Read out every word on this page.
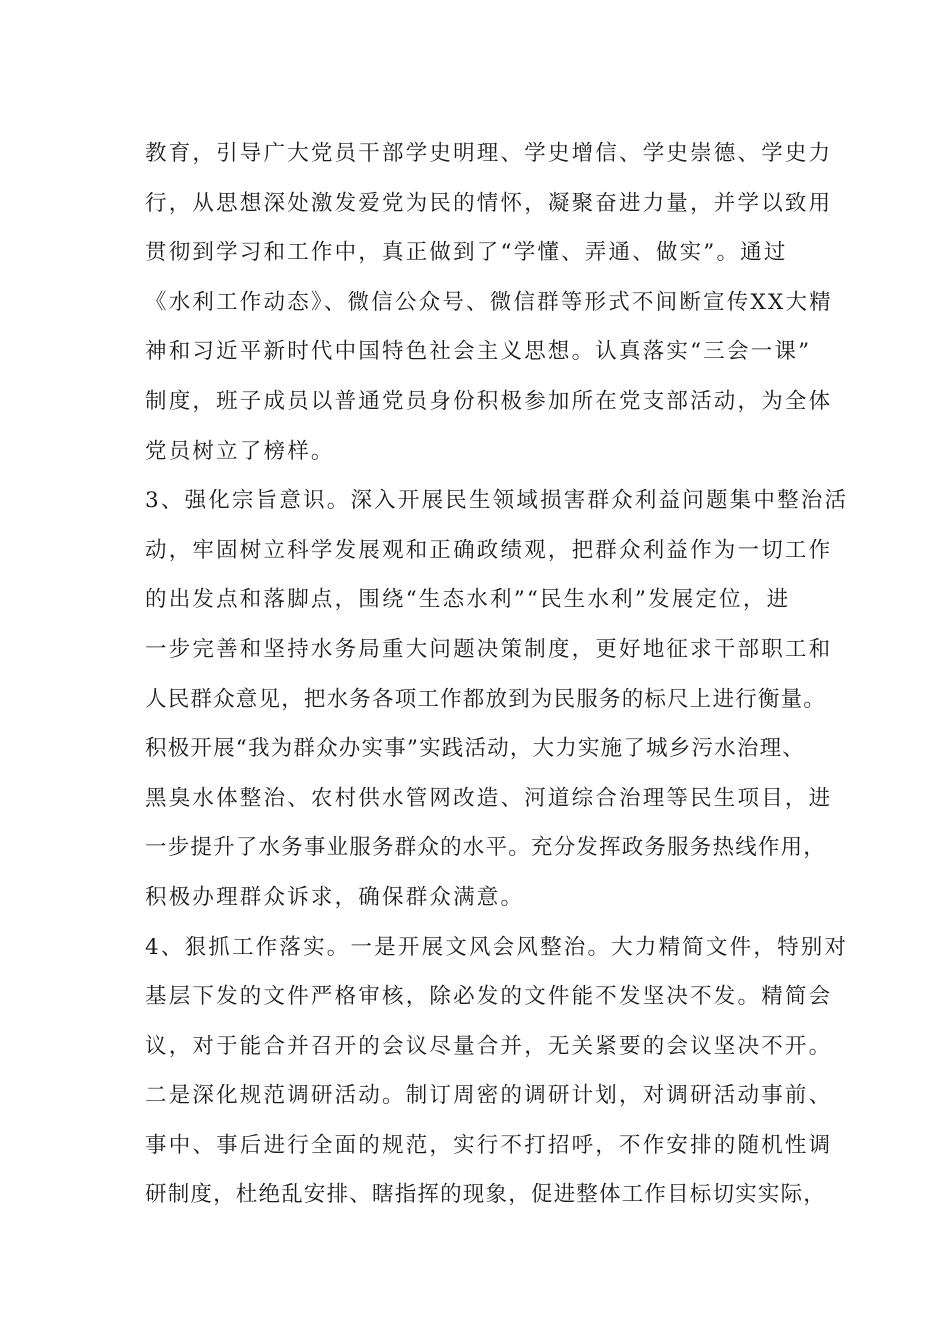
教育，引导广大党员干部学史明理、学史增信、学史崇德、学史力
行，从思想深处激发爱党为民的情怀，凝聚奋进力量，并学以致用
贯彻到学习和工作中，真正做到了“学懂、弄通、做实”。通过
《水利工作动态》、微信公众号、微信群等形式不间断宣传XX大精
神和习近平新时代中国特色社会主义思想。认真落实“三会一课”
制度，班子成员以普通党员身份积极参加所在党支部活动，为全体
党员树立了榜样。
3、强化宗旨意识。深入开展民生领域损害群众利益问题集中整治活
动，牢固树立科学发展观和正确政绩观，把群众利益作为一切工作
的出发点和落脚点，围绕“生态水利”“民生水利”发展定位，进
一步完善和坚持水务局重大问题决策制度，更好地征求干部职工和
人民群众意见，把水务各项工作都放到为民服务的标尺上进行衡量。
积极开展“我为群众办实事”实践活动，大力实施了城乡污水治理、
黑臭水体整治、农村供水管网改造、河道综合治理等民生项目，进
一步提升了水务事业服务群众的水平。充分发挥政务服务热线作用，
积极办理群众诉求，确保群众满意。
4、狠抓工作落实。一是开展文风会风整治。大力精简文件，特别对
基层下发的文件严格审核，除必发的文件能不发坚决不发。精简会
议，对于能合并召开的会议尽量合并，无关紧要的会议坚决不开。
二是深化规范调研活动。制订周密的调研计划，对调研活动事前、
事中、事后进行全面的规范，实行不打招呼，不作安排的随机性调
研制度，杜绝乱安排、瞎指挥的现象，促进整体工作目标切实实际，
